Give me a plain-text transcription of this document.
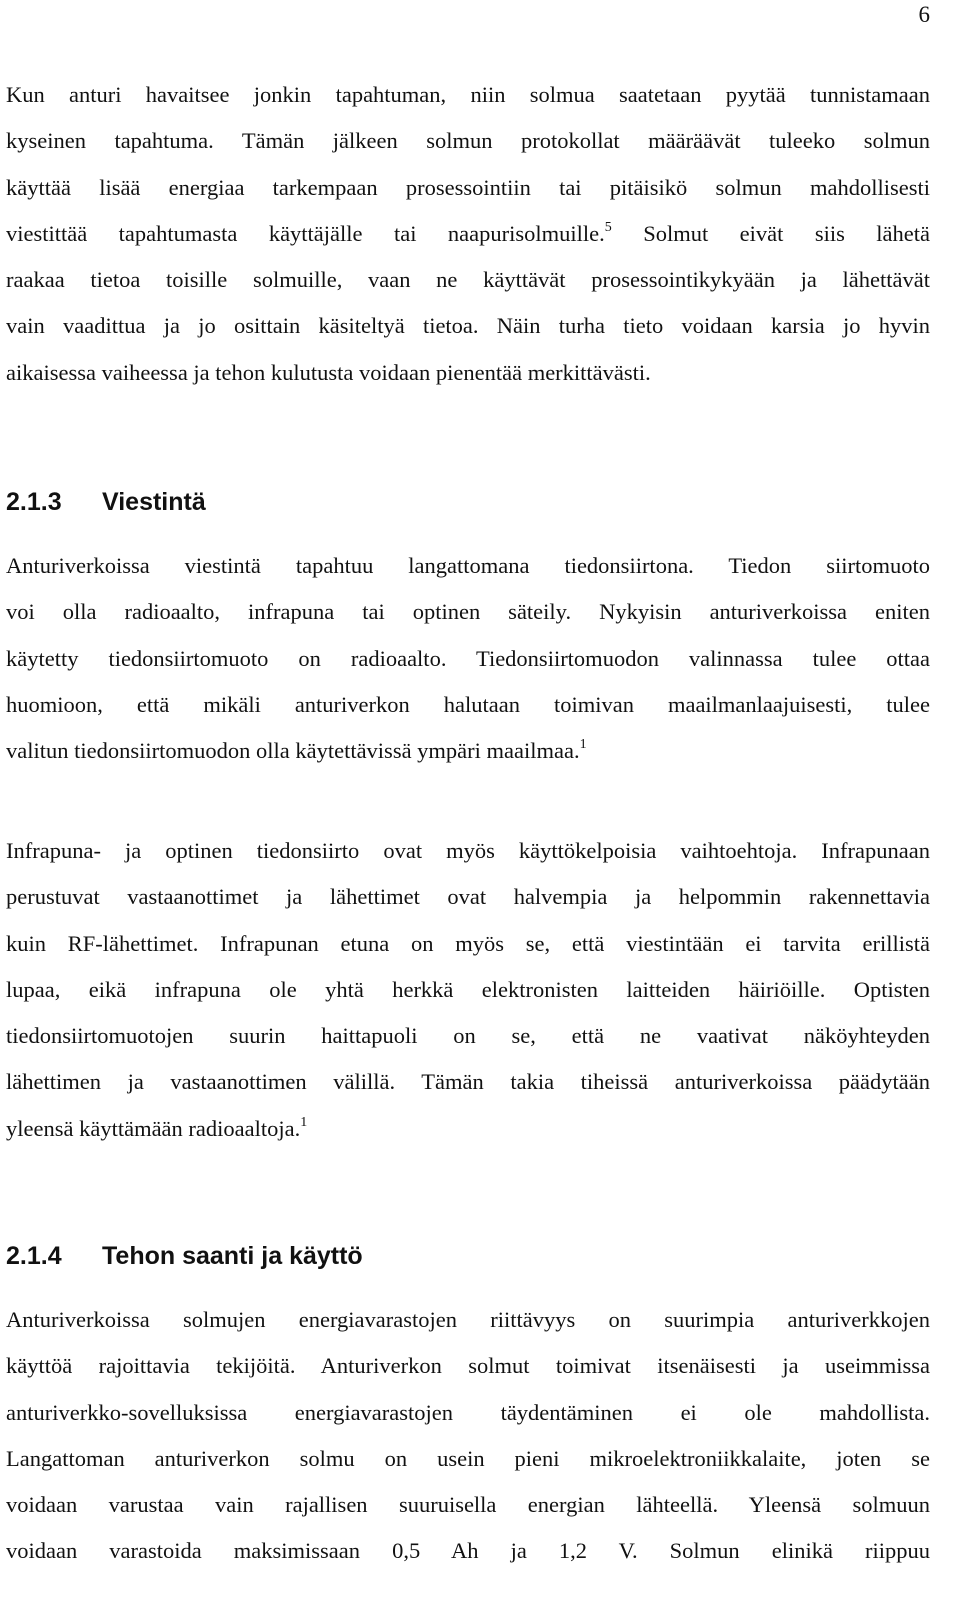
6

Kun anturi havaitsee jonkin tapahtuman, niin solmua saatetaan pyytää tunnistamaan
kyseinen tapahtuma. Tämän jälkeen solmun protokollat määräävät tuleeko solmun
käyttää lisää energiaa tarkempaan prosessointiin tai pitäisikö solmun mahdollisesti
viestittää tapahtumasta käyttäjälle tai naapurisolmuille.$^5$ Solmut eivät siis lähetä
raakaa tietoa toisille solmuille, vaan ne käyttävät prosessointikykyään ja lähettävät
vain vaadittua ja jo osittain käsiteltyä tietoa. Näin turha tieto voidaan karsia jo hyvin
aikaisessa vaiheessa ja tehon kulutusta voidaan pienentää merkittävästi.

2.1.3 Viestintä

Anturiverkoissa viestintä tapahtuu langattomana tiedonsiirtona. Tiedon siirtomuoto
voi olla radioaalto, infrapuna tai optinen säteily. Nykyisin anturiverkoissa eniten
käytetty tiedonsiirtomuoto on radioaalto. Tiedonsiirtomuodon valinnassa tulee ottaa
huomioon, että mikäli anturiverkon halutaan toimivan maailmanlaajuisesti, tulee
valitun tiedonsiirtomuodon olla käytettävissä ympäri maailmaa.$^1$

Infrapuna- ja optinen tiedonsiirto ovat myös käyttökelpoisia vaihtoehtoja. Infrapunaan
perustuvat vastaanottimet ja lähettimet ovat halvempia ja helpommin rakennettavia
kuin RF-lähettimet. Infrapunan etuna on myös se, että viestintään ei tarvita erillistä
lupaa, eikä infrapuna ole yhtä herkkä elektronisten laitteiden häiriöille. Optisten
tiedonsiirtomuotojen suurin haittapuoli on se, että ne vaativat näköyhteyden
lähettimen ja vastaanottimen välillä. Tämän takia tiheissä anturiverkoissa päädytään
yleensä käyttämään radioaaltoja.$^1$

2.1.4 Tehon saanti ja käyttö

Anturiverkoissa solmujen energiavarastojen riittävyys on suurimpia anturiverkkojen
käyttöä rajoittavia tekijöitä. Anturiverkon solmut toimivat itsenäisesti ja useimmissa
anturiverkko-sovelluksissa energiavarastojen täydentäminen ei ole mahdollista.
Langattoman anturiverkon solmu on usein pieni mikroelektroniikkalaite, joten se
voidaan varustaa vain rajallisen suuruisella energian lähteellä. Yleensä solmuun
voidaan varastoida maksimissaan 0,5 Ah ja 1,2 V. Solmun elinikä riippuu
